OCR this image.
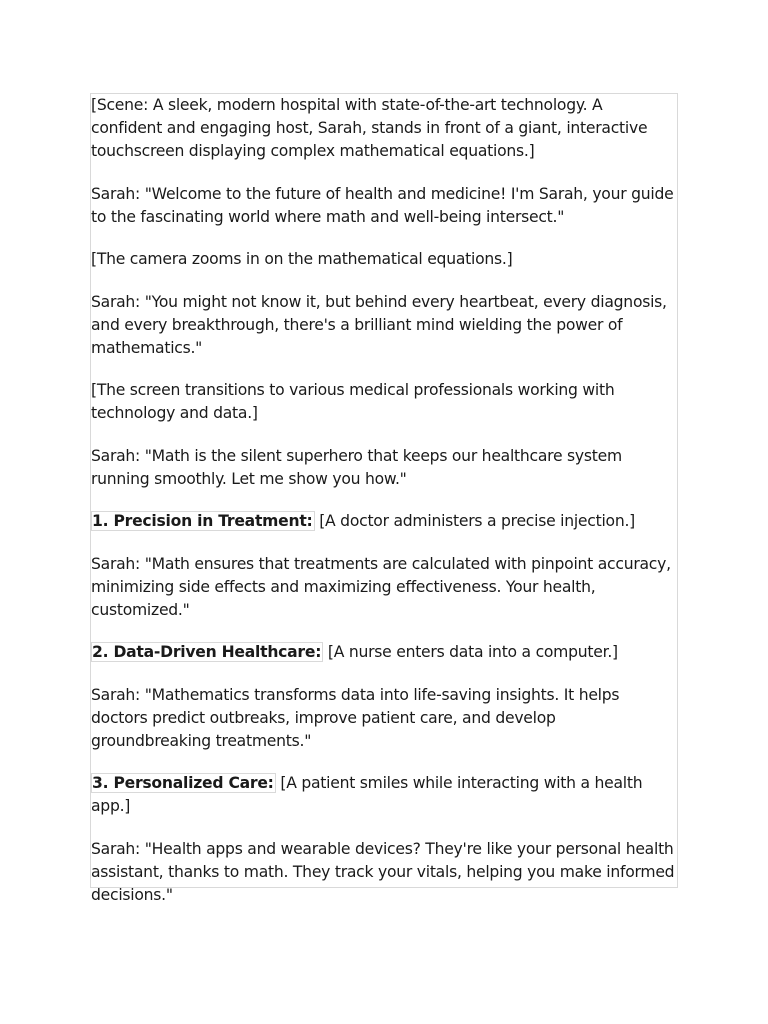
[Scene: A sleek, modern hospital with state-of-the-art technology. A confident and engaging host, Sarah, stands in front of a giant, interactive touchscreen displaying complex mathematical equations.]

Sarah: "Welcome to the future of health and medicine! I'm Sarah, your guide to the fascinating world where math and well-being intersect."

[The camera zooms in on the mathematical equations.]

Sarah: "You might not know it, but behind every heartbeat, every diagnosis, and every breakthrough, there's a brilliant mind wielding the power of mathematics."

[The screen transitions to various medical professionals working with technology and data.]

Sarah: "Math is the silent superhero that keeps our healthcare system running smoothly. Let me show you how."

1. Precision in Treatment: [A doctor administers a precise injection.]

Sarah: "Math ensures that treatments are calculated with pinpoint accuracy, minimizing side effects and maximizing effectiveness. Your health, customized."

2. Data-Driven Healthcare: [A nurse enters data into a computer.]

Sarah: "Mathematics transforms data into life-saving insights. It helps doctors predict outbreaks, improve patient care, and develop groundbreaking treatments."

3. Personalized Care: [A patient smiles while interacting with a health app.]

Sarah: "Health apps and wearable devices? They're like your personal health assistant, thanks to math. They track your vitals, helping you make informed decisions."
